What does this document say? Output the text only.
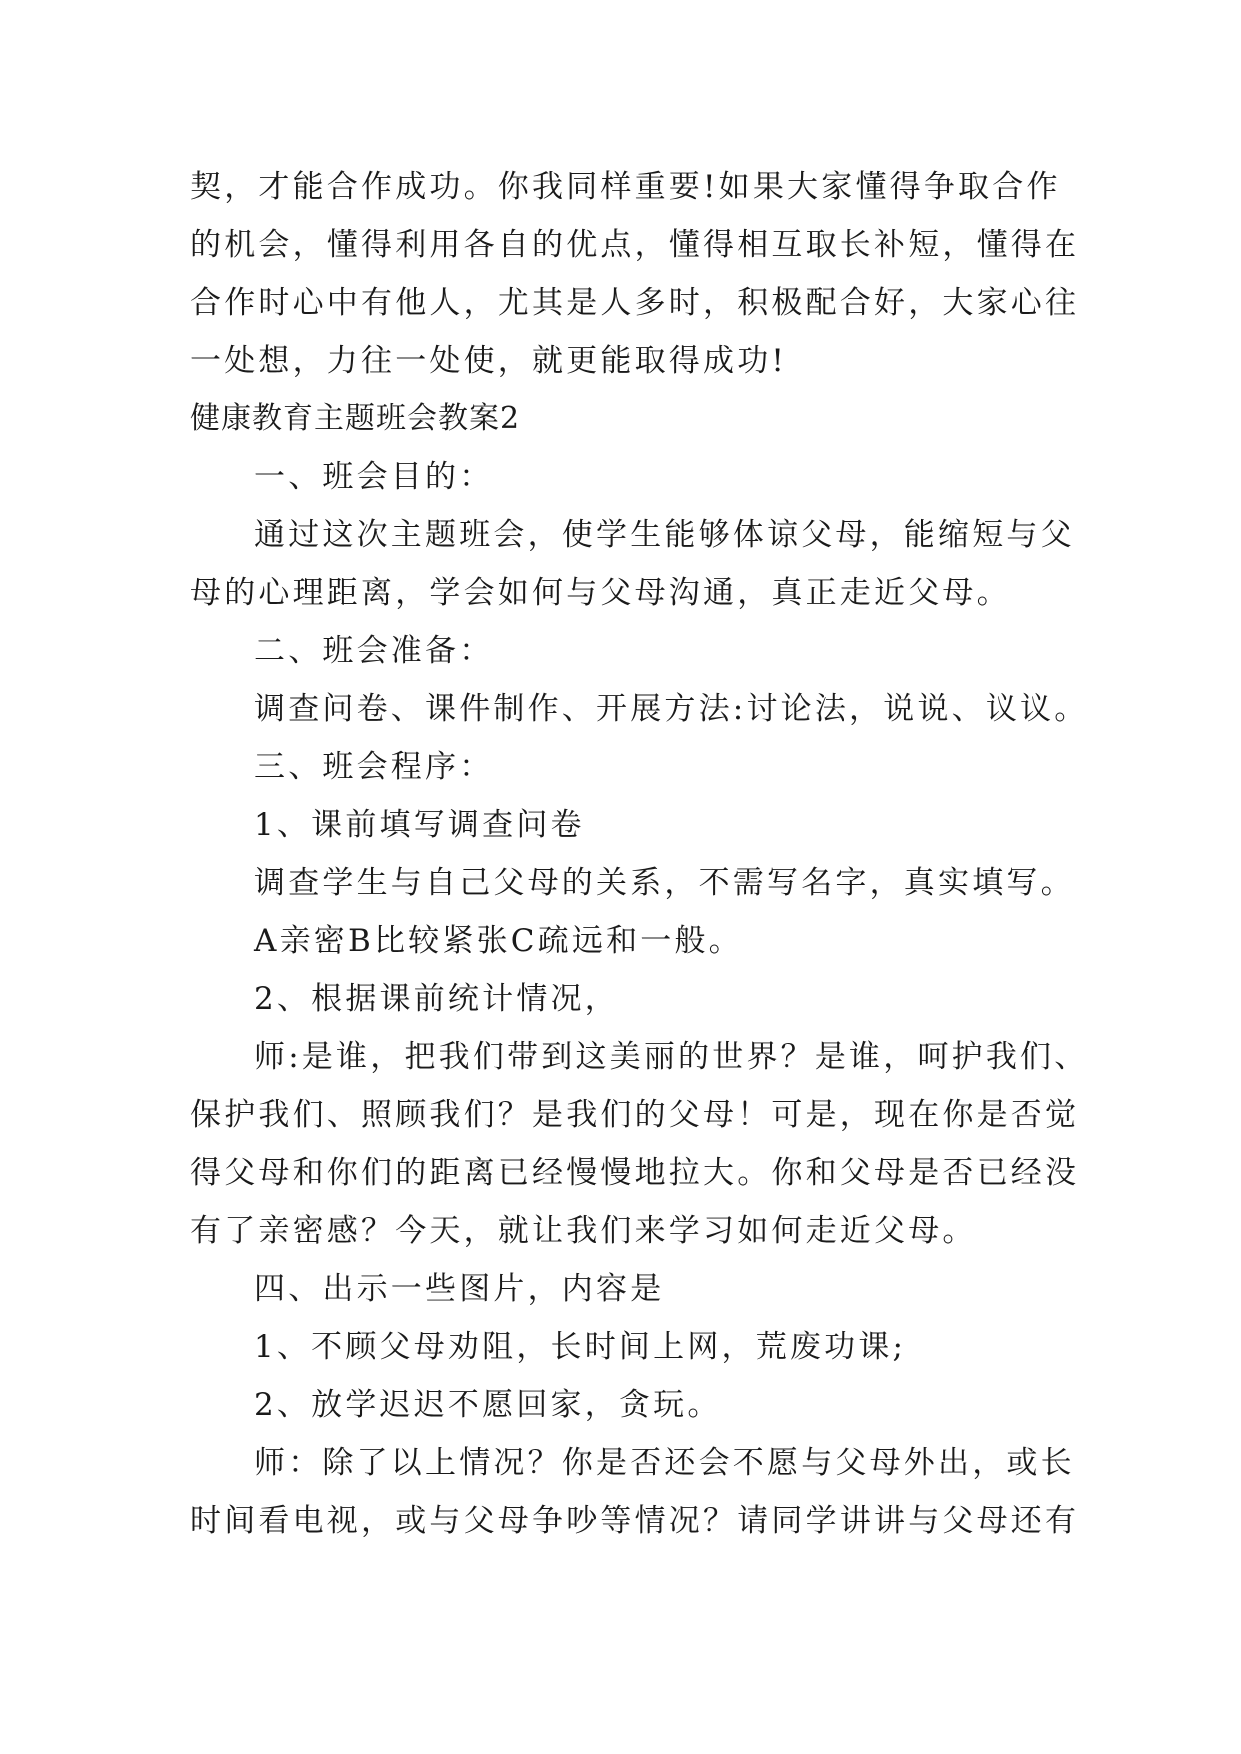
契，才能合作成功。你我同样重要!如果大家懂得争取合作
的机会，懂得利用各自的优点，懂得相互取长补短，懂得在
合作时心中有他人，尤其是人多时，积极配合好，大家心往
一处想，力往一处使，就更能取得成功!
健康教育主题班会教案2
一、班会目的：
通过这次主题班会，使学生能够体谅父母，能缩短与父
母的心理距离，学会如何与父母沟通，真正走近父母。
二、班会准备：
调查问卷、课件制作、开展方法:讨论法，说说、议议。
三、班会程序：
1、课前填写调查问卷
调查学生与自己父母的关系，不需写名字，真实填写。
A亲密B比较紧张C疏远和一般。
2、根据课前统计情况，
师:是谁，把我们带到这美丽的世界？是谁，呵护我们、
保护我们、照顾我们？是我们的父母！可是，现在你是否觉
得父母和你们的距离已经慢慢地拉大。你和父母是否已经没
有了亲密感？今天，就让我们来学习如何走近父母。
四、出示一些图片，内容是
1、不顾父母劝阻，长时间上网，荒废功课;
2、放学迟迟不愿回家，贪玩。
师：除了以上情况？你是否还会不愿与父母外出，或长
时间看电视，或与父母争吵等情况？请同学讲讲与父母还有
